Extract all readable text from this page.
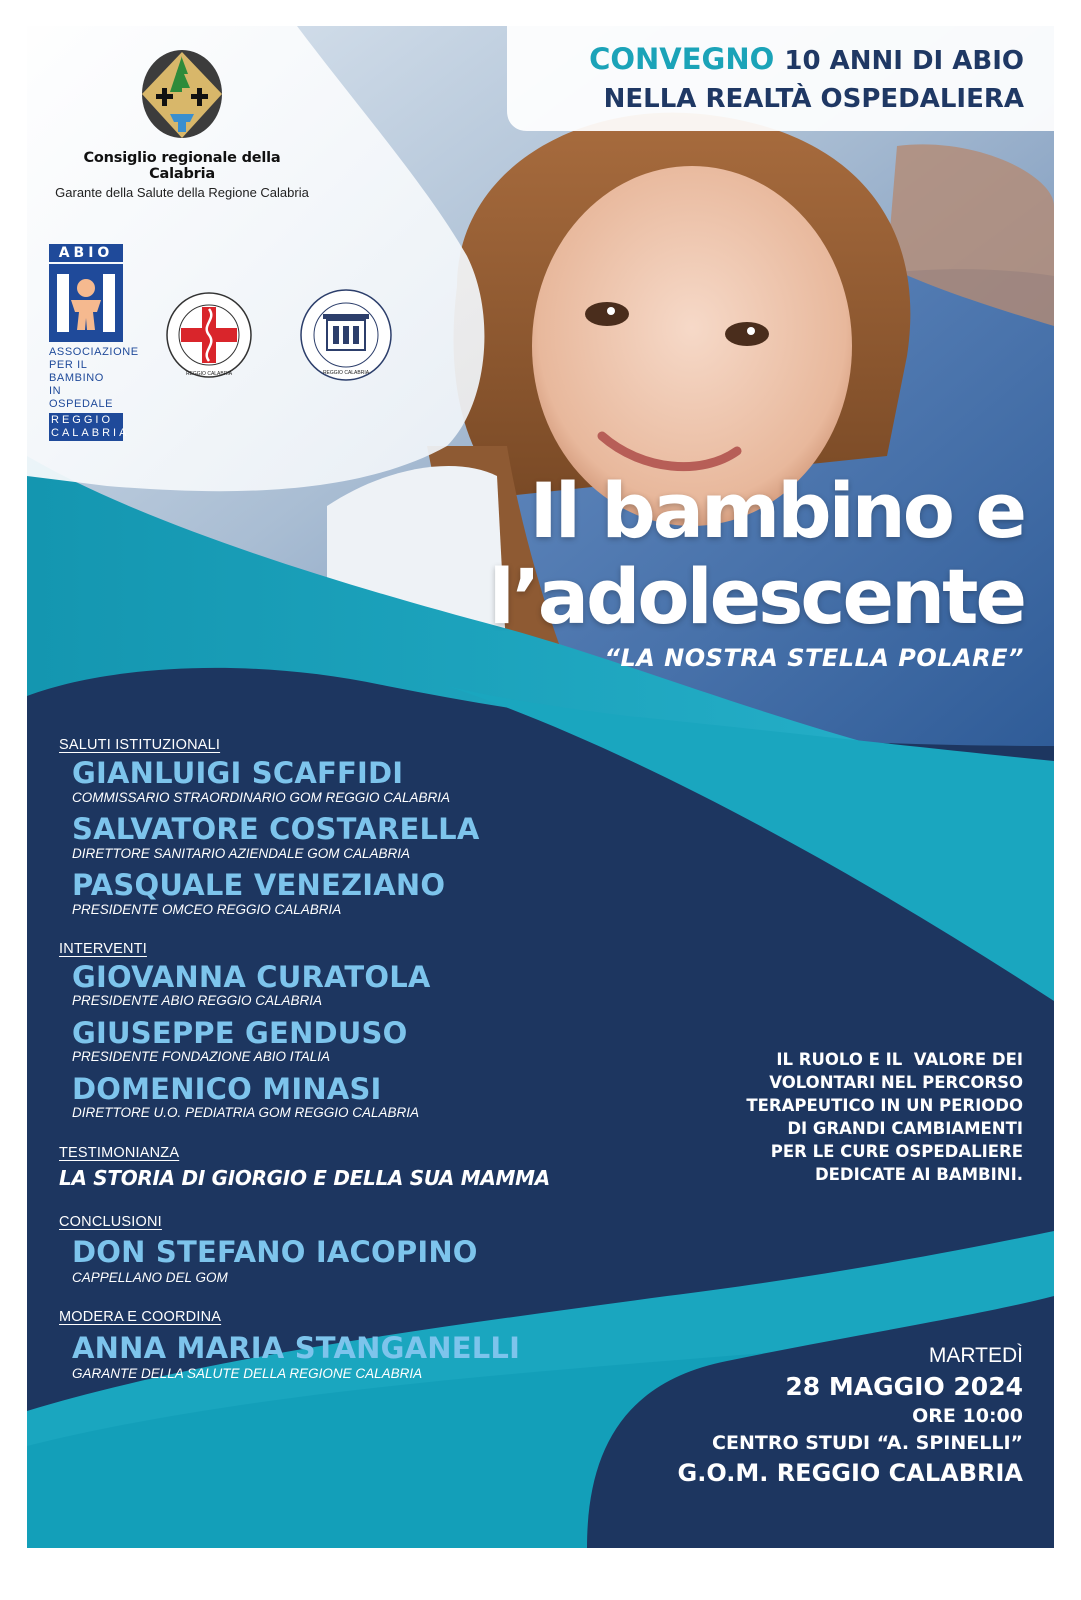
CONVEGNO 10 ANNI DI ABIO
NELLA REALTÀ OSPEDALIERA
Consiglio regionale della Calabria
Garante della Salute della Regione Calabria
ABIO
ASSOCIAZIONE
PER IL BAMBINO
IN OSPEDALE
REGGIO
CALABRIA
REGGIO CALABRIA	REGGIO CALABRIA
Il bambino e
l’adolescente
“LA NOSTRA STELLA POLARE”
SALUTI ISTITUZIONALI
GIANLUIGI SCAFFIDI
COMMISSARIO STRAORDINARIO GOM REGGIO CALABRIA
SALVATORE COSTARELLA
DIRETTORE SANITARIO AZIENDALE GOM CALABRIA
PASQUALE VENEZIANO
PRESIDENTE OMCEO REGGIO CALABRIA
INTERVENTI
GIOVANNA CURATOLA
PRESIDENTE ABIO REGGIO CALABRIA
GIUSEPPE GENDUSO
PRESIDENTE FONDAZIONE ABIO ITALIA
DOMENICO MINASI
DIRETTORE U.O. PEDIATRIA GOM REGGIO CALABRIA
TESTIMONIANZA
LA STORIA DI GIORGIO E DELLA SUA MAMMA
CONCLUSIONI
DON STEFANO IACOPINO
CAPPELLANO DEL GOM
MODERA E COORDINA
ANNA MARIA STANGANELLI
GARANTE DELLA SALUTE DELLA REGIONE CALABRIA
IL RUOLO E IL  VALORE DEI
VOLONTARI NEL PERCORSO
TERAPEUTICO IN UN PERIODO
DI GRANDI CAMBIAMENTI
PER LE CURE OSPEDALIERE
DEDICATE AI BAMBINI.
MARTEDÌ
28 MAGGIO 2024
ORE 10:00
CENTRO STUDI “A. SPINELLI”
G.O.M. REGGIO CALABRIA
